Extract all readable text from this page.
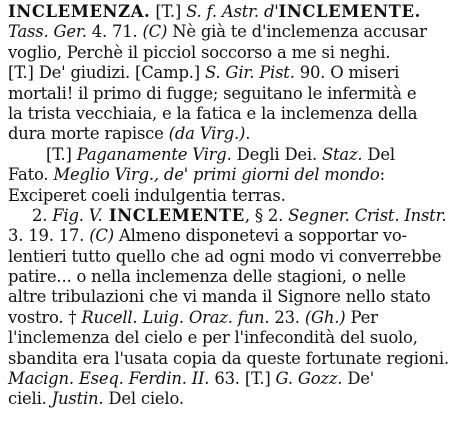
INCLEMENZA. [T.] S. f. Astr. d'INCLEMENTE.
Tass. Ger. 4. 71. (C) Nè già te d'inclemenza accusar
voglio, Perchè il picciol soccorso a me si neghi.
[T.] De' giudizi. [Camp.] S. Gir. Pist. 90. O miseri
mortali! il primo di fugge; seguitano le infermità e
la trista vecchiaia, e la fatica e la inclemenza della
dura morte rapisce (da Virg.).
[T.] Paganamente Virg. Degli Dei. Staz. Del
Fato. Meglio Virg., de' primi giorni del mondo:
Exciperet coeli indulgentia terras.
2. Fig. V. INCLEMENTE, § 2. Segner. Crist. Instr.
3. 19. 17. (C) Almeno disponetevi a sopportar vo-
lentieri tutto quello che ad ogni modo vi converrebbe
patire... o nella inclemenza delle stagioni, o nelle
altre tribulazioni che vi manda il Signore nello stato
vostro. † Rucell. Luig. Oraz. fun. 23. (Gh.) Per
l'inclemenza del cielo e per l'infecondità del suolo,
sbandita era l'usata copia da queste fortunate regioni.
Macign. Eseq. Ferdin. II. 63. [T.] G. Gozz. De'
cieli. Justin. Del cielo.
